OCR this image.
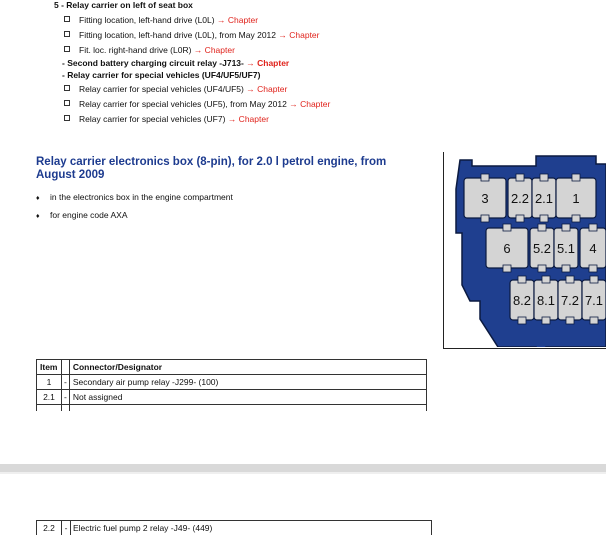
5 - Relay carrier on left of seat box
Fitting location, left-hand drive (L0L) → Chapter
Fitting location, left-hand drive (L0L), from May 2012 → Chapter
Fit. loc. right-hand drive (L0R) → Chapter
- Second battery charging circuit relay -J713- → Chapter
- Relay carrier for special vehicles (UF4/UF5/UF7)
Relay carrier for special vehicles (UF4/UF5) → Chapter
Relay carrier for special vehicles (UF5), from May 2012 → Chapter
Relay carrier for special vehicles (UF7) → Chapter
Relay carrier electronics box (8-pin), for 2.0 l petrol engine, from August 2009
♦ in the electronics box in the engine compartment
♦ for engine code AXA
3 2.2 2.1 1
6 5.2 5.1 4
8.2 8.1 7.2 7.1
Item		Connector/Designator
1	-	Secondary air pump relay -J299- (100)
2.1	-	Not assigned

2.2	- Electric fuel pump 2 relay -J49- (449)
